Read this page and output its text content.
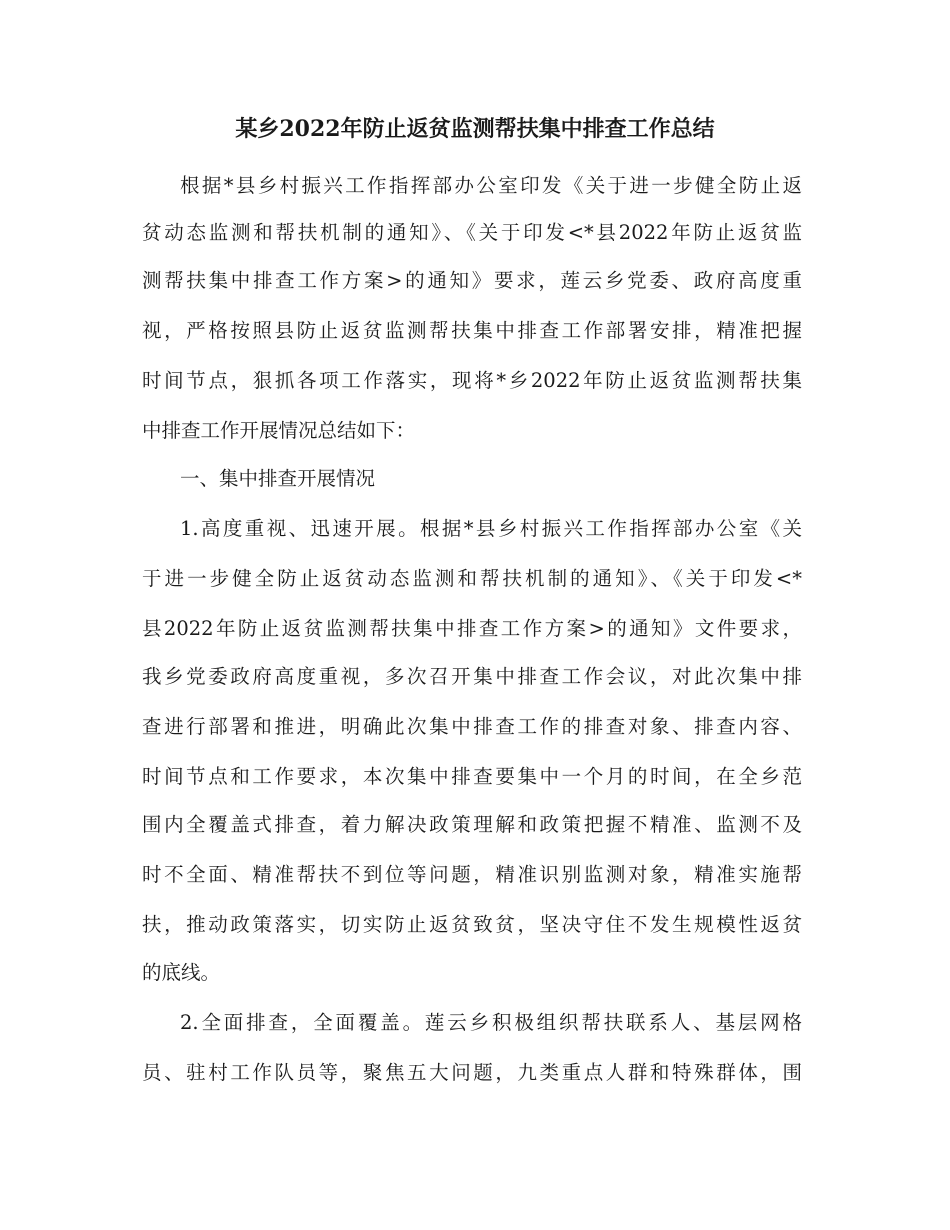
某乡2022年防止返贫监测帮扶集中排查工作总结
根据*县乡村振兴工作指挥部办公室印发《关于进一步健全防止返
贫动态监测和帮扶机制的通知》、《关于印发<*县2022年防止返贫监
测帮扶集中排查工作方案>的通知》要求，莲云乡党委、政府高度重
视，严格按照县防止返贫监测帮扶集中排查工作部署安排，精准把握
时间节点，狠抓各项工作落实，现将*乡2022年防止返贫监测帮扶集
中排查工作开展情况总结如下：
一、集中排查开展情况
1.高度重视、迅速开展。根据*县乡村振兴工作指挥部办公室《关
于进一步健全防止返贫动态监测和帮扶机制的通知》、《关于印发<*
县2022年防止返贫监测帮扶集中排查工作方案>的通知》文件要求，
我乡党委政府高度重视，多次召开集中排查工作会议，对此次集中排
查进行部署和推进，明确此次集中排查工作的排查对象、排查内容、
时间节点和工作要求，本次集中排查要集中一个月的时间，在全乡范
围内全覆盖式排查，着力解决政策理解和政策把握不精准、监测不及
时不全面、精准帮扶不到位等问题，精准识别监测对象，精准实施帮
扶，推动政策落实，切实防止返贫致贫，坚决守住不发生规模性返贫
的底线。
2.全面排查，全面覆盖。莲云乡积极组织帮扶联系人、基层网格
员、驻村工作队员等，聚焦五大问题，九类重点人群和特殊群体，围
